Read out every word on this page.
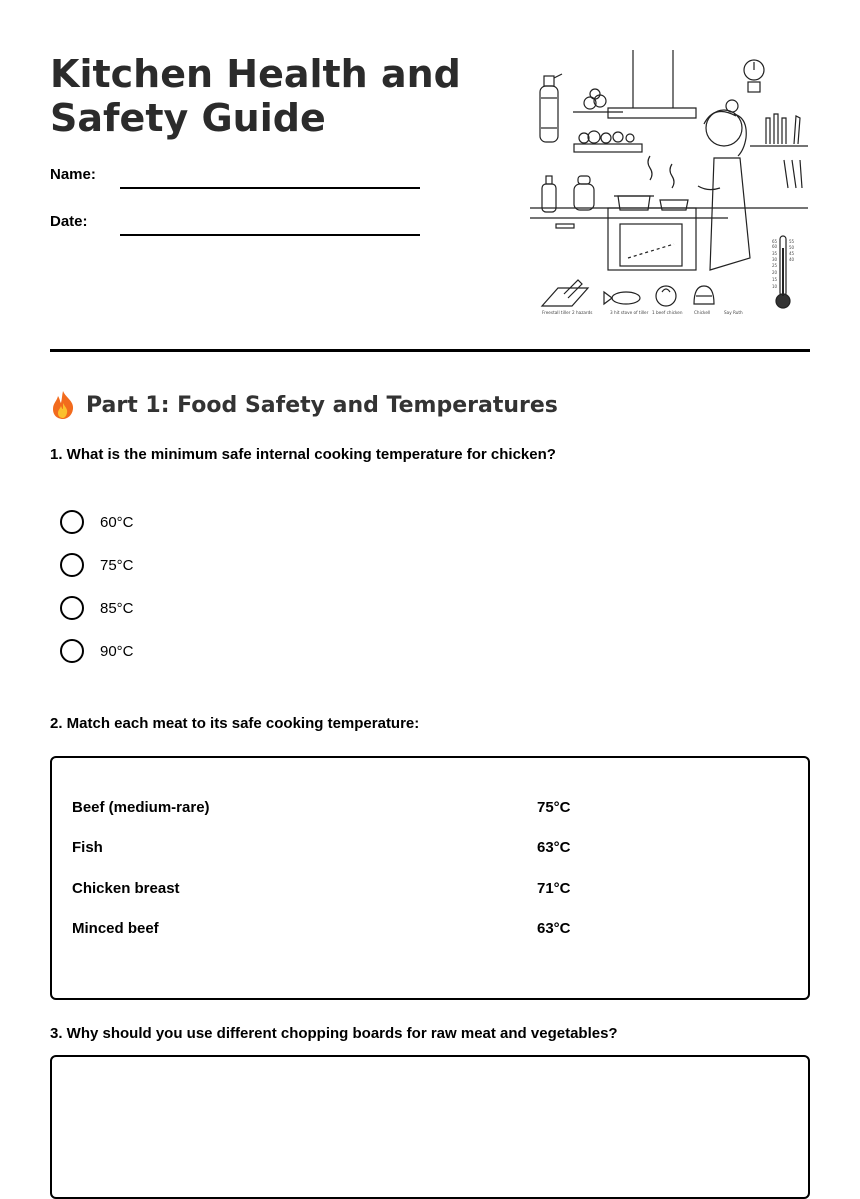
Kitchen Health and
Safety Guide
Name:
Date:
65
60
55
50
45
40
35
30
25
20
15
10
Freestall tiller 2 hazards	3 hit stove of tiller 1 beef chicken	Chickell	Say Ruth
Part 1: Food Safety and Temperatures
1. What is the minimum safe internal cooking temperature for chicken?
60°C
75°C
85°C
90°C
2. Match each meat to its safe cooking temperature:
Beef (medium-rare)	75°C
Fish	63°C
Chicken breast	71°C
Minced beef	63°C
3. Why should you use different chopping boards for raw meat and vegetables?
